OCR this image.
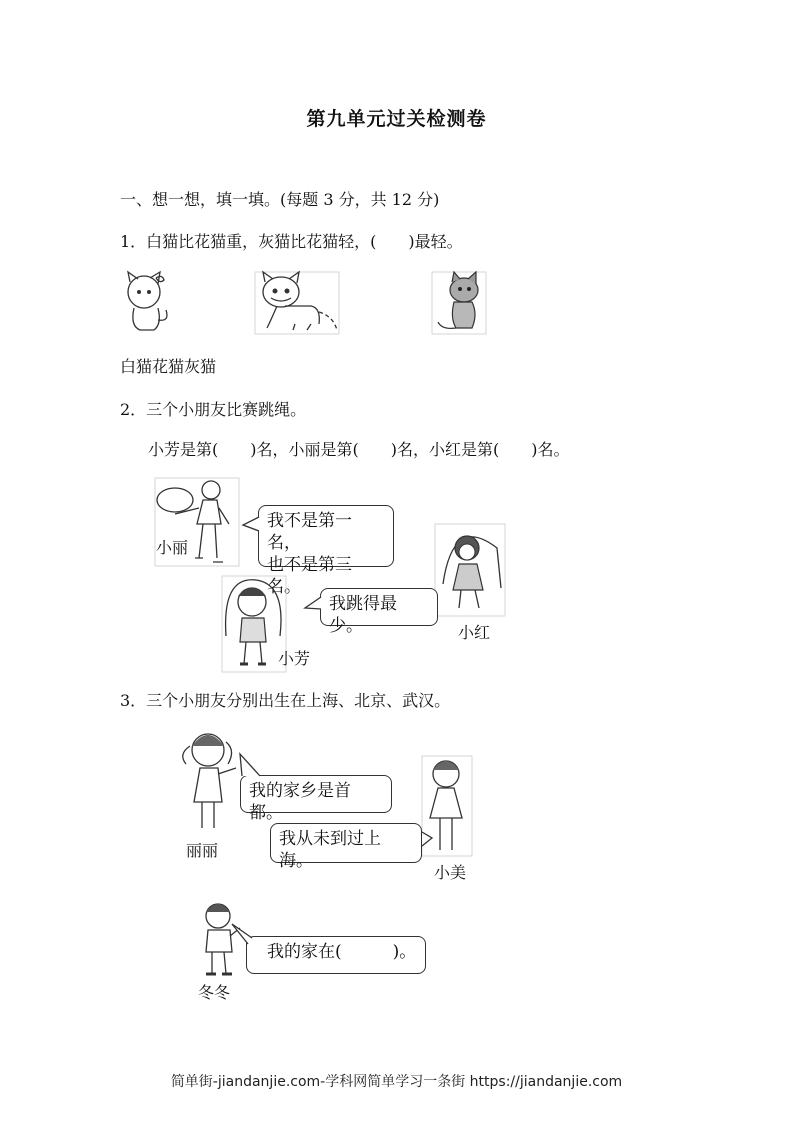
第九单元过关检测卷
一、想一想，填一填。(每题 3 分，共 12 分)
1．白猫比花猫重，灰猫比花猫轻，(　　)最轻。
白猫花猫灰猫
2．三个小朋友比赛跳绳。
小芳是第(　　)名，小丽是第(　　)名，小红是第(　　)名。
小丽
我不是第一名，
也不是第三名。
小红
小芳
我跳得最少。
3．三个小朋友分别出生在上海、北京、武汉。
丽丽
我的家乡是首都。
小美
我从未到过上海。
冬冬
我的家在(　　　)。
简单街-jiandanjie.com-学科网简单学习一条街 https://jiandanjie.com
